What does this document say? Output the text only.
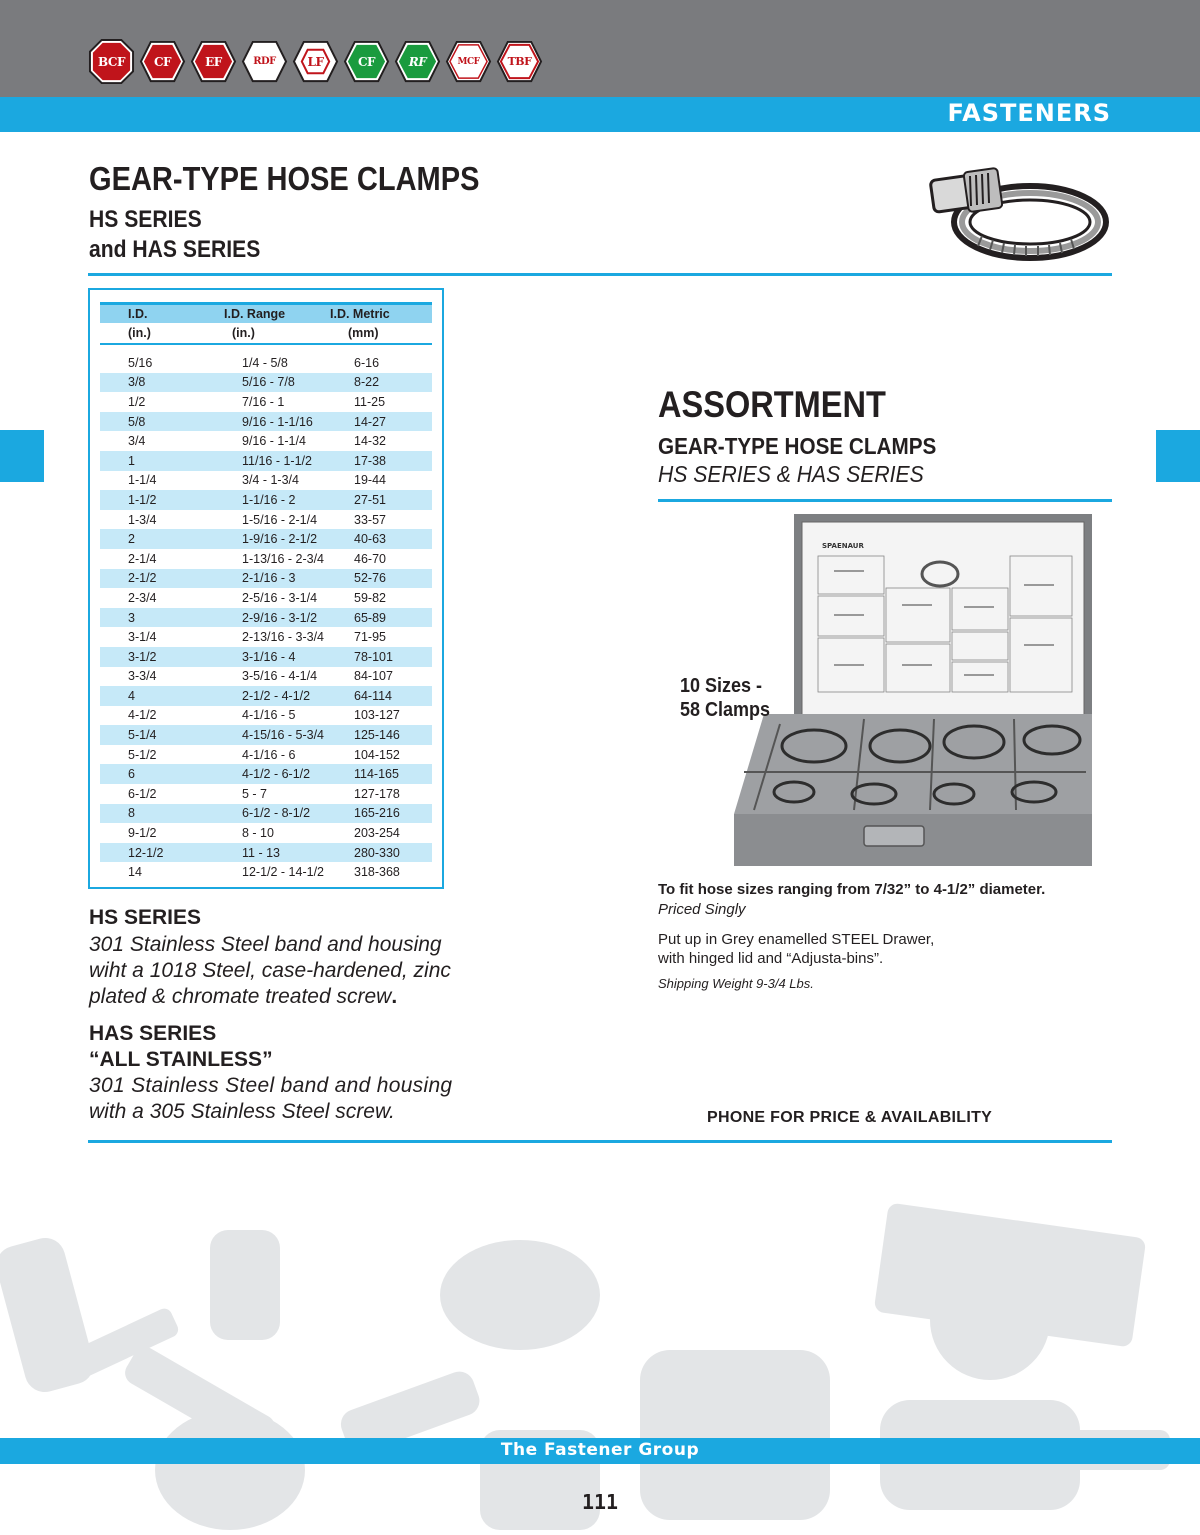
BCF	CF	EF	RDF	LF	CF	RF	MCF	TBF
FASTENERS
GEAR-TYPE HOSE CLAMPS
HS SERIES
and HAS SERIES
I.D.	I.D. Range	I.D. Metric
(in.)	(in.)	(mm)
5/16	1/4 - 5/8	6-16
3/8	5/16 - 7/8	8-22
1/2	7/16 - 1	11-25
5/8	9/16 - 1-1/16	14-27
3/4	9/16 - 1-1/4	14-32
1	11/16 - 1-1/2	17-38
1-1/4	3/4 - 1-3/4	19-44
1-1/2	1-1/16 - 2	27-51
1-3/4	1-5/16 - 2-1/4	33-57
2	1-9/16 - 2-1/2	40-63
2-1/4	1-13/16 - 2-3/4	46-70
2-1/2	2-1/16 - 3	52-76
2-3/4	2-5/16 - 3-1/4	59-82
3	2-9/16 - 3-1/2	65-89
3-1/4	2-13/16 - 3-3/4	71-95
3-1/2	3-1/16 - 4	78-101
3-3/4	3-5/16 - 4-1/4	84-107
4	2-1/2 - 4-1/2	64-114
4-1/2	4-1/16 - 5	103-127
5-1/4	4-15/16 - 5-3/4	125-146
5-1/2	4-1/16 - 6	104-152
6	4-1/2 - 6-1/2	114-165
6-1/2	5 - 7	127-178
8	6-1/2 - 8-1/2	165-216
9-1/2	8 - 10	203-254
12-1/2	11 - 13	280-330
14	12-1/2 - 14-1/2	318-368
HS SERIES
301 Stainless Steel band and housing
wiht a 1018 Steel, case-hardened, zinc
plated & chromate treated screw.
HAS SERIES
“ALL STAINLESS”
301 Stainless Steel band and housing
with a 305 Stainless Steel screw.
ASSORTMENT
GEAR-TYPE HOSE CLAMPS
HS SERIES & HAS SERIES
SPAENAUR
10 Sizes -
58 Clamps
To fit hose sizes ranging from 7/32” to 4-1/2” diameter.
Priced Singly
Put up in Grey enamelled STEEL Drawer,
with hinged lid and “Adjusta-bins”.
Shipping Weight 9-3/4 Lbs.
PHONE FOR PRICE & AVAILABILITY
The Fastener Group
111
